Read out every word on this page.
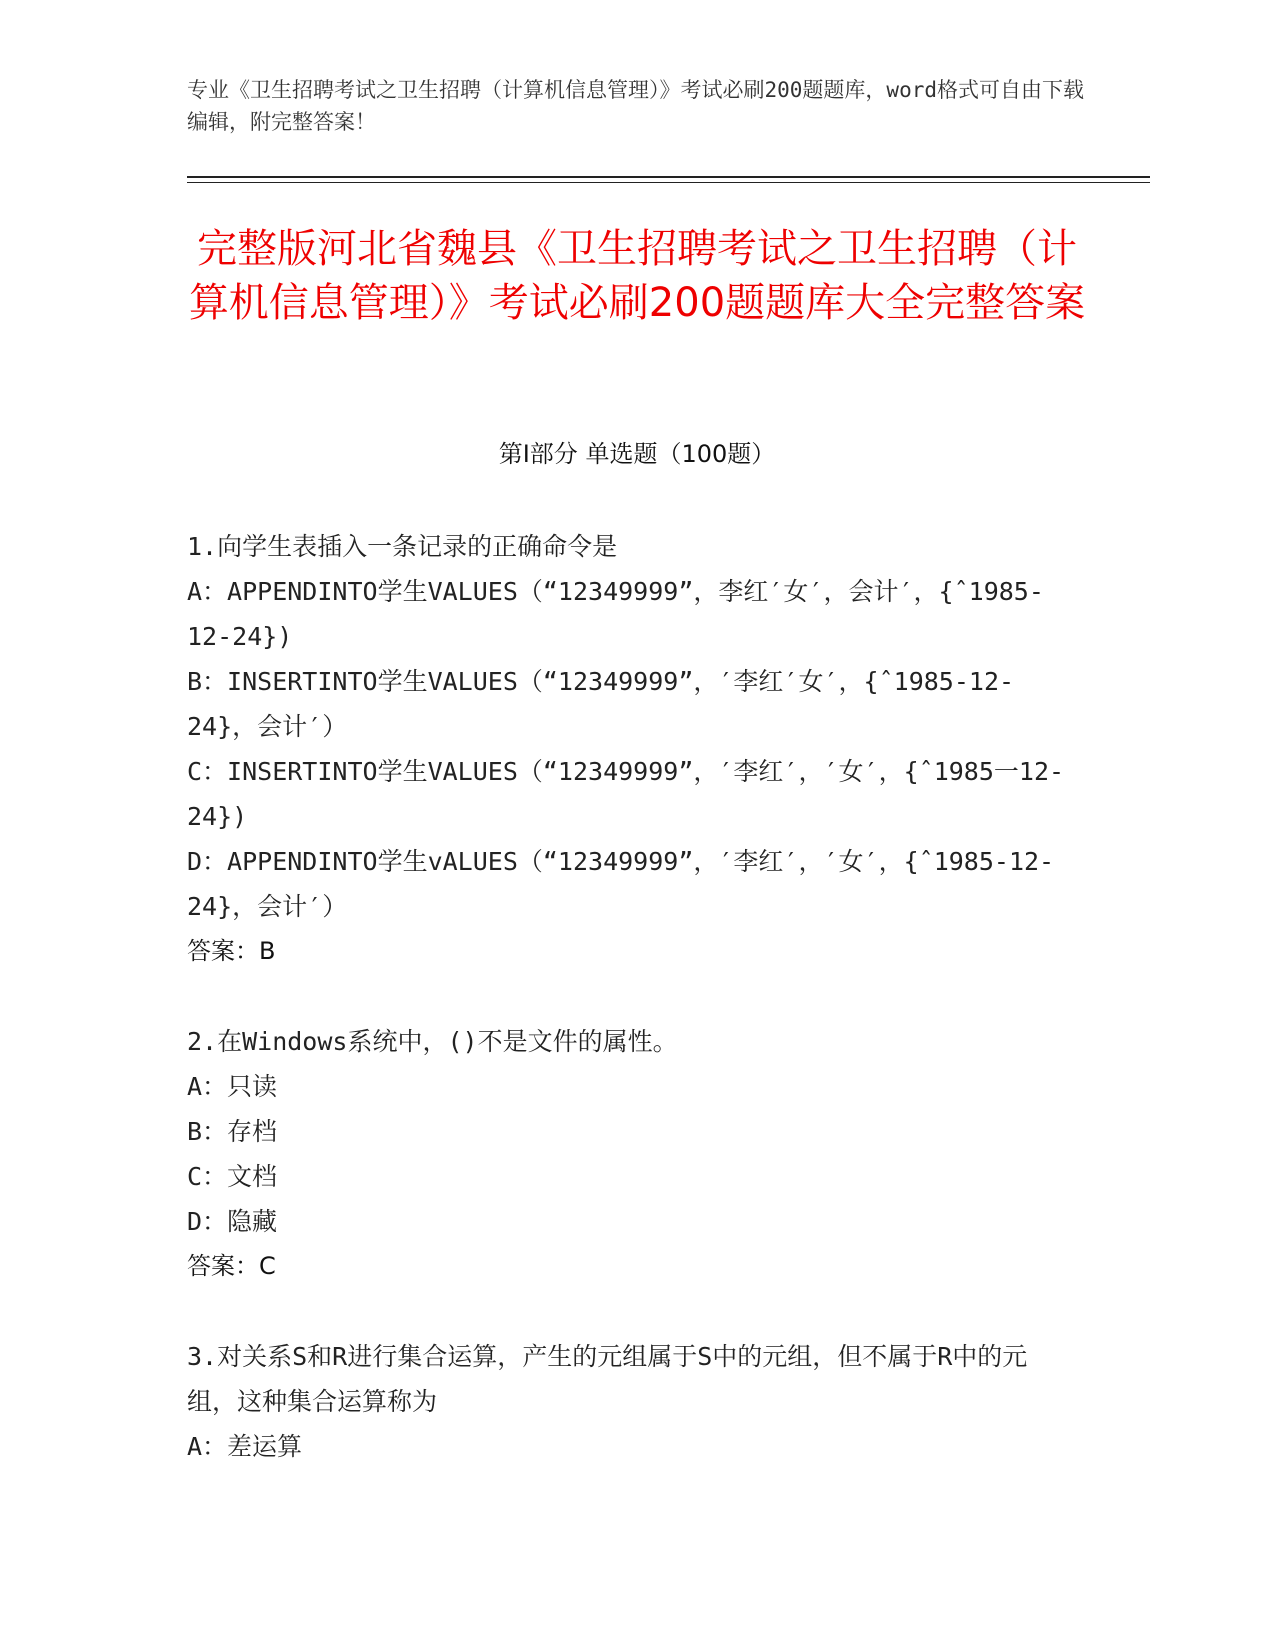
专业《卫生招聘考试之卫生招聘（计算机信息管理）》考试必刷200题题库，word格式可自由下载编辑，附完整答案！

完整版河北省魏县《卫生招聘考试之卫生招聘（计算机信息管理）》考试必刷200题题库大全完整答案
第I部分 单选题（100题）

1.向学生表插入一条记录的正确命令是

A：APPENDINTO学生VALUES（“12349999”，李红′女′，会计′，{ˆ1985-12-24})

B：INSERTINTO学生VALUES（“12349999”，′李红′女′，{ˆ1985-12-24}，会计′）

C：INSERTINTO学生VALUES（“12349999”，′李红′，′女′，{ˆ1985一12-24})

D：APPENDINTO学生vALUES（“12349999”，′李红′，′女′，{ˆ1985-12-24}，会计′）

答案：B

2.在Windows系统中，()不是文件的属性。

A：只读

B：存档

C：文档

D：隐藏

答案：C

3.对关系S和R进行集合运算，产生的元组属于S中的元组，但不属于R中的元组，这种集合运算称为

A：差运算
